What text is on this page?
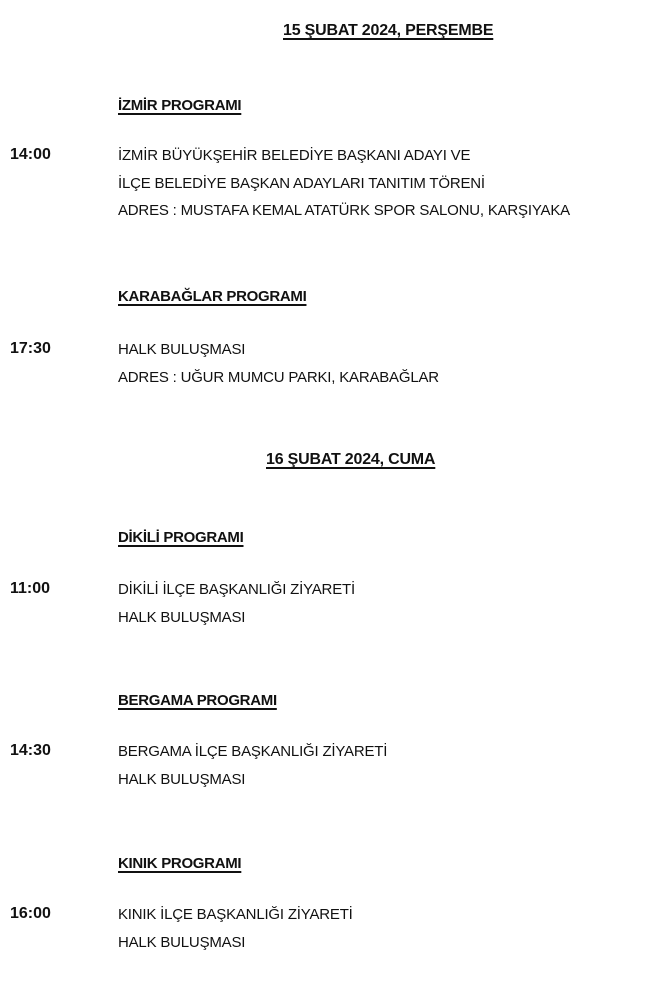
15 ŞUBAT 2024, PERŞEMBE
İZMİR PROGRAMI
14:00	İZMİR BÜYÜKŞEHİR BELEDİYE BAŞKANI ADAYI VE
İLÇE BELEDİYE BAŞKAN ADAYLARI TANITIM TÖRENİ
ADRES : MUSTAFA KEMAL ATATÜRK SPOR SALONU, KARŞIYAKA
KARABAĞLAR PROGRAMI
17:30	HALK BULUŞMASI
ADRES : UĞUR MUMCU PARKI, KARABAĞLAR
16 ŞUBAT 2024, CUMA
DİKİLİ PROGRAMI
11:00	DİKİLİ İLÇE BAŞKANLIĞI ZİYARETİ
HALK BULUŞMASI
BERGAMA PROGRAMI
14:30	BERGAMA İLÇE BAŞKANLIĞI ZİYARETİ
HALK BULUŞMASI
KINIK PROGRAMI
16:00	KINIK İLÇE BAŞKANLIĞI ZİYARETİ
HALK BULUŞMASI
